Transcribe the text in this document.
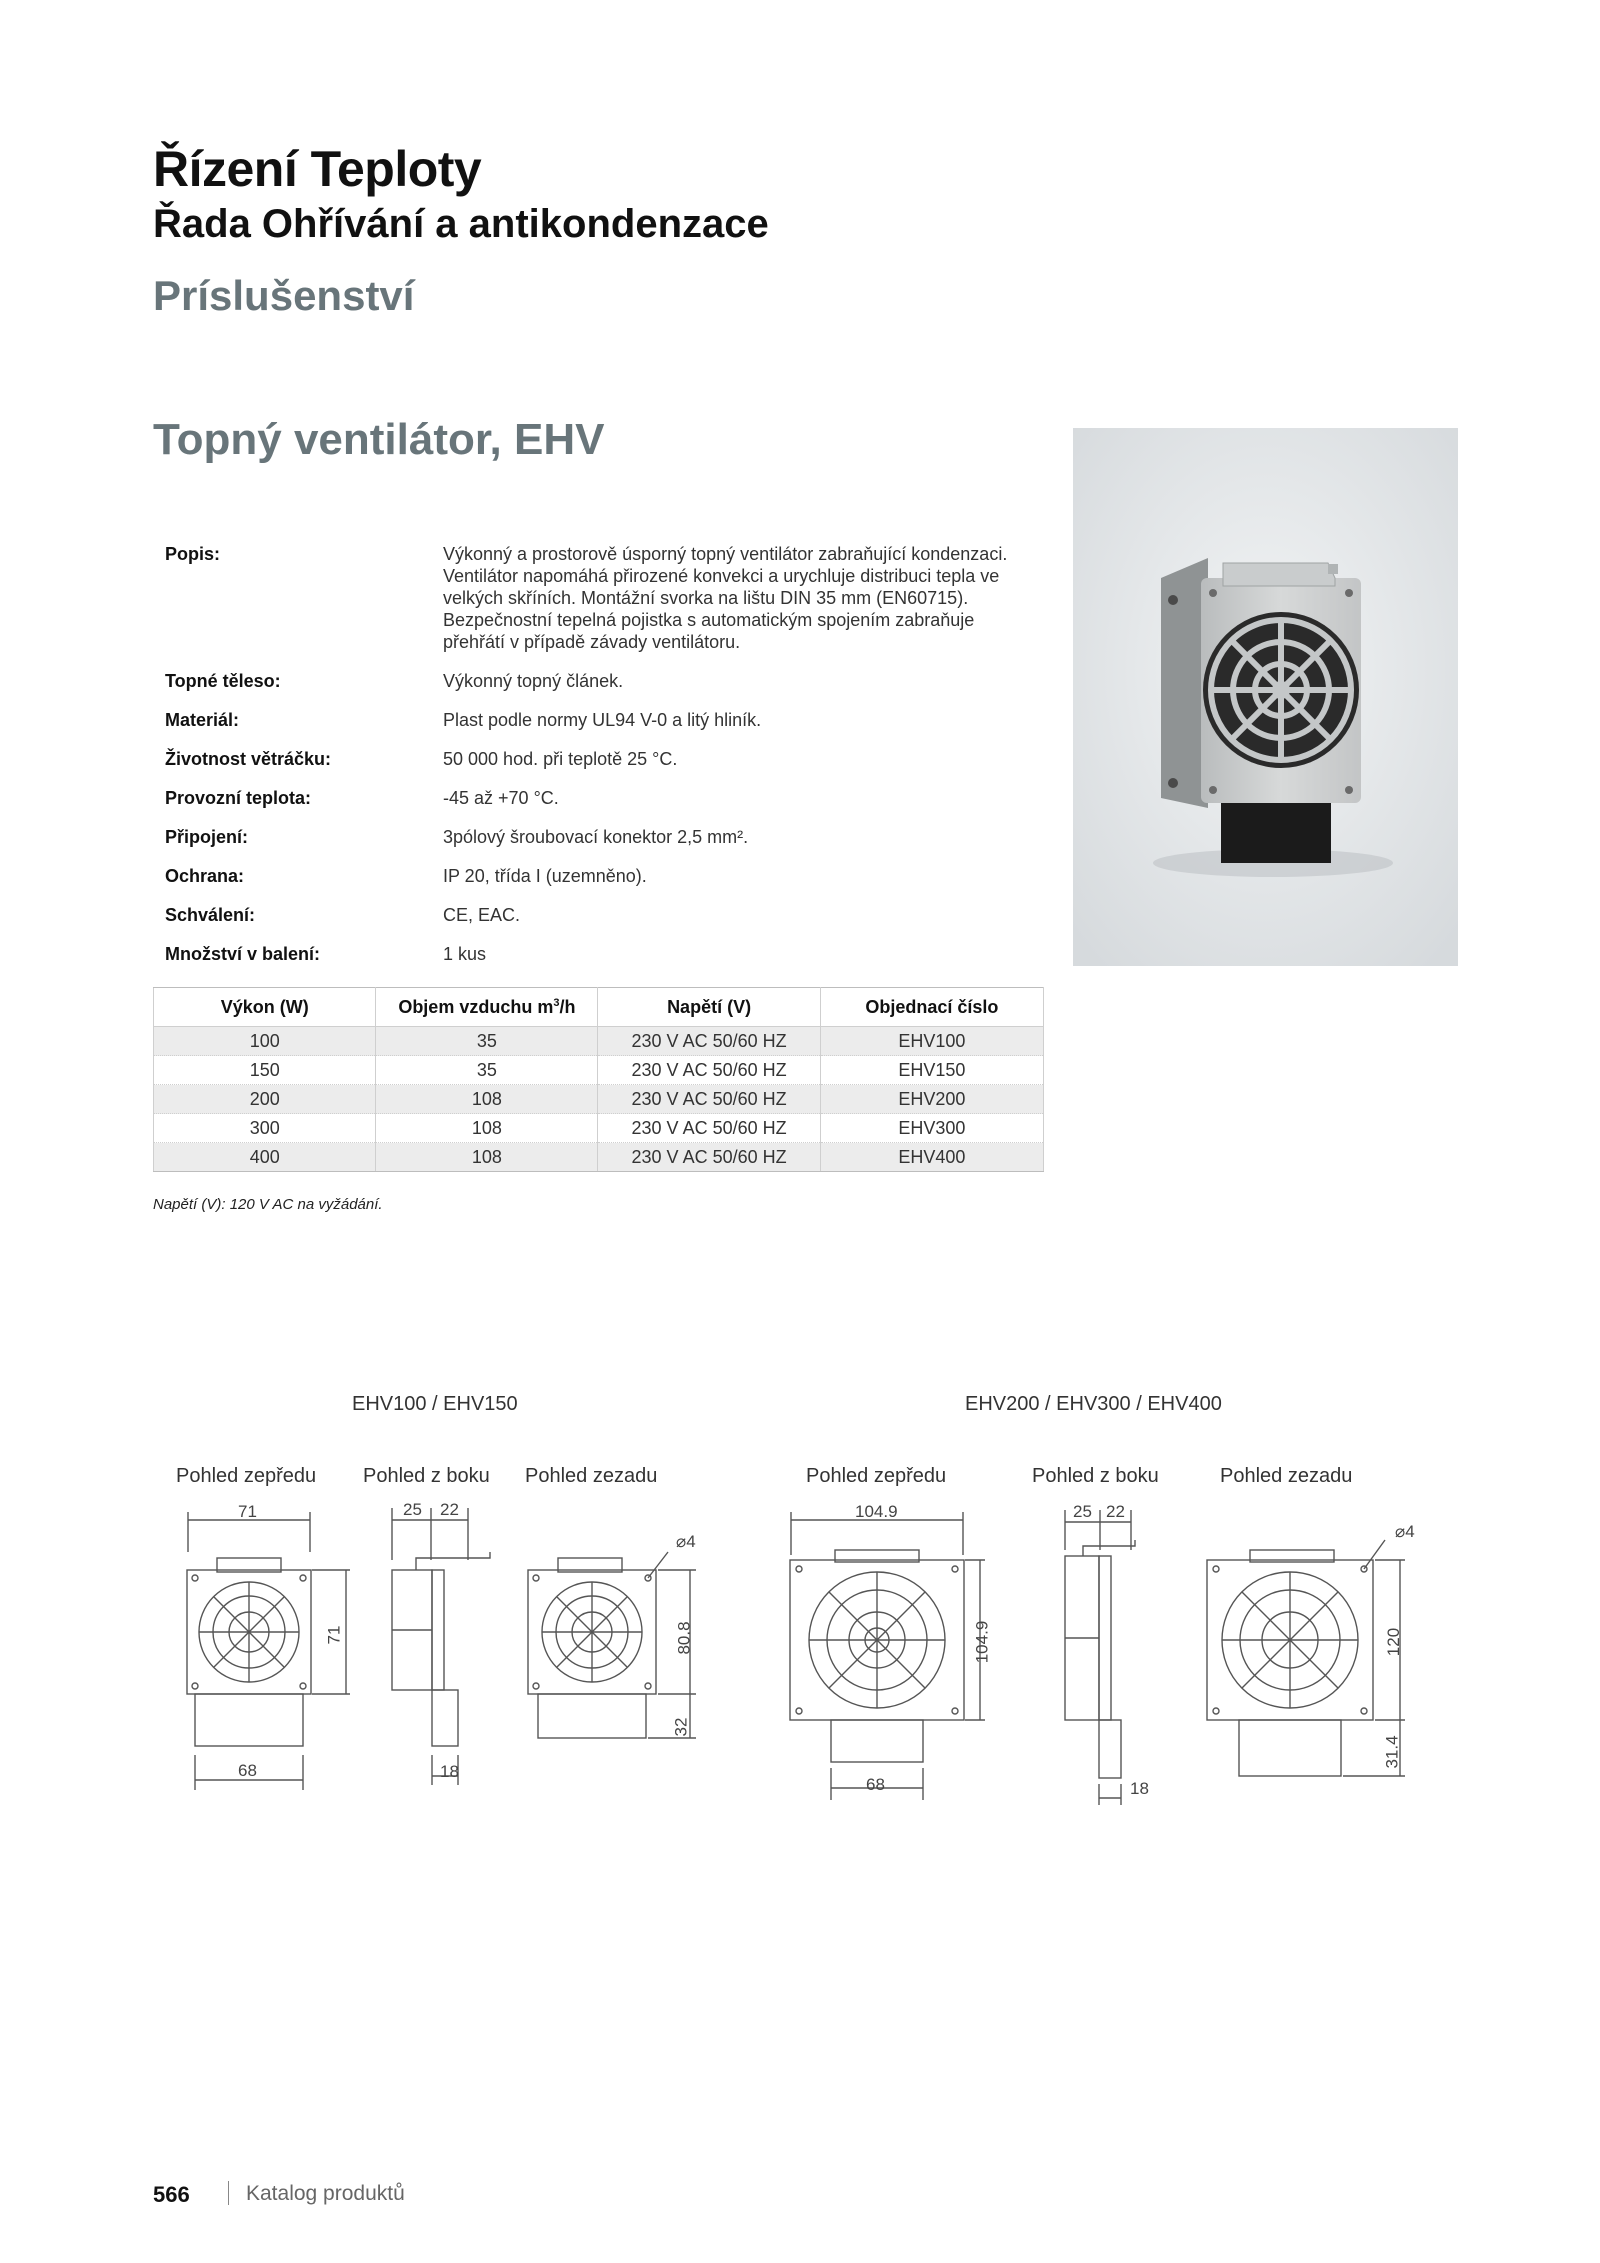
Řízení Teploty
Řada Ohřívání a antikondenzace
Príslušenství
Topný ventilátor, EHV
Popis:	Výkonný a prostorově úsporný topný ventilátor zabraňující kondenzaci. Ventilátor napomáhá přirozené konvekci a urychluje distribuci tepla ve velkých skříních. Montážní svorka na lištu DIN 35 mm (EN60715). Bezpečnostní tepelná pojistka s automatickým spojením zabraňuje přehřátí v případě závady ventilátoru.
Topné těleso:	Výkonný topný článek.
Materiál:	Plast podle normy UL94 V-0 a litý hliník.
Životnost větráčku:	50 000 hod. při teplotě 25 °C.
Provozní teplota:	-45 až +70 °C.
Připojení:	3pólový šroubovací konektor 2,5 mm².
Ochrana:	IP 20, třída I (uzemněno).
Schválení:	CE, EAC.
Množství v balení:	1 kus
Výkon (W)	Objem vzduchu $m^3/h$	Napětí (V)	Objednací číslo
100	35	230 V AC 50/60 HZ	EHV100
150	35	230 V AC 50/60 HZ	EHV150
200	108	230 V AC 50/60 HZ	EHV200
300	108	230 V AC 50/60 HZ	EHV300
400	108	230 V AC 50/60 HZ	EHV400
Napětí (V): 120 V AC na vyžádání.
EHV100 / EHV150
Pohled zepředu Pohled z boku Pohled zezadu
71
71
68
25 22
18
⌀4
80.8
32
EHV200 / EHV300 / EHV400
Pohled zepředu	Pohled z boku	Pohled zezadu
104.9
104.9
68
25 22
18
⌀4
120
31.4
566	Katalog produktů
